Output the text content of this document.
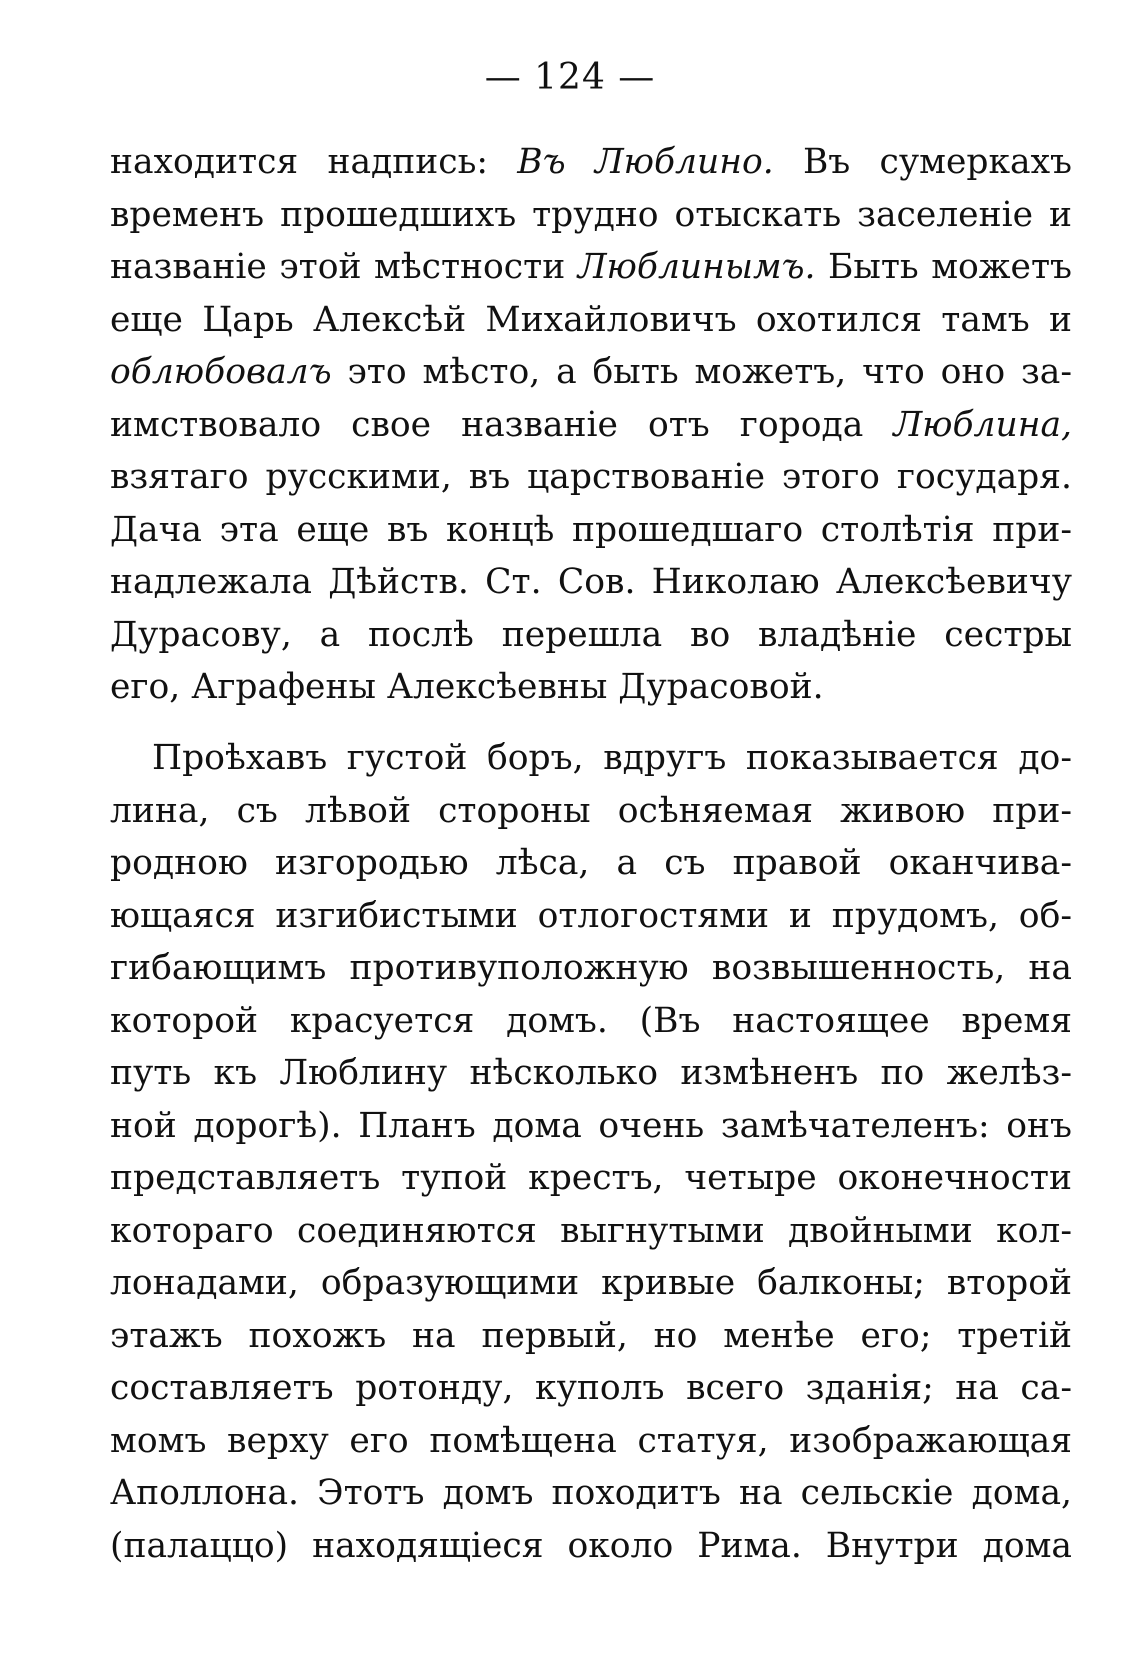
— 124 —
находится надпись: Въ Люблино. Въ сумеркахъ
временъ прошедшихъ трудно отыскать заселеніе и
названіе этой мѣстности Люблинымъ. Быть можетъ
еще Царь Алексѣй Михайловичъ охотился тамъ и
облюбовалъ это мѣсто, а быть можетъ, что оно за-
имствовало свое названіе отъ города Люблина,
взятаго русскими, въ царствованіе этого государя.
Дача эта еще въ концѣ прошедшаго столѣтія при-
надлежала Дѣйств. Ст. Сов. Николаю Алексѣевичу
Дурасову, а послѣ перешла во владѣніе сестры
его, Аграфены Алексѣевны Дурасовой.
Проѣхавъ густой боръ, вдругъ показывается до-
лина, съ лѣвой стороны осѣняемая живою при-
родною изгородью лѣса, а съ правой оканчива-
ющаяся изгибистыми отлогостями и прудомъ, об-
гибающимъ противуположную возвышенность, на
которой красуется домъ. (Въ настоящее время
путь къ Люблину нѣсколько измѣненъ по желѣз-
ной дорогѣ). Планъ дома очень замѣчателенъ: онъ
представляетъ тупой крестъ, четыре оконечности
котораго соединяются выгнутыми двойными кол-
лонадами, образующими кривые балконы; второй
этажъ похожъ на первый, но менѣе его; третій
составляетъ ротонду, куполъ всего зданія; на са-
момъ верху его помѣщена статуя, изображающая
Аполлона. Этотъ домъ походитъ на сельскіе дома,
(палаццо) находящіеся около Рима. Внутри дома
